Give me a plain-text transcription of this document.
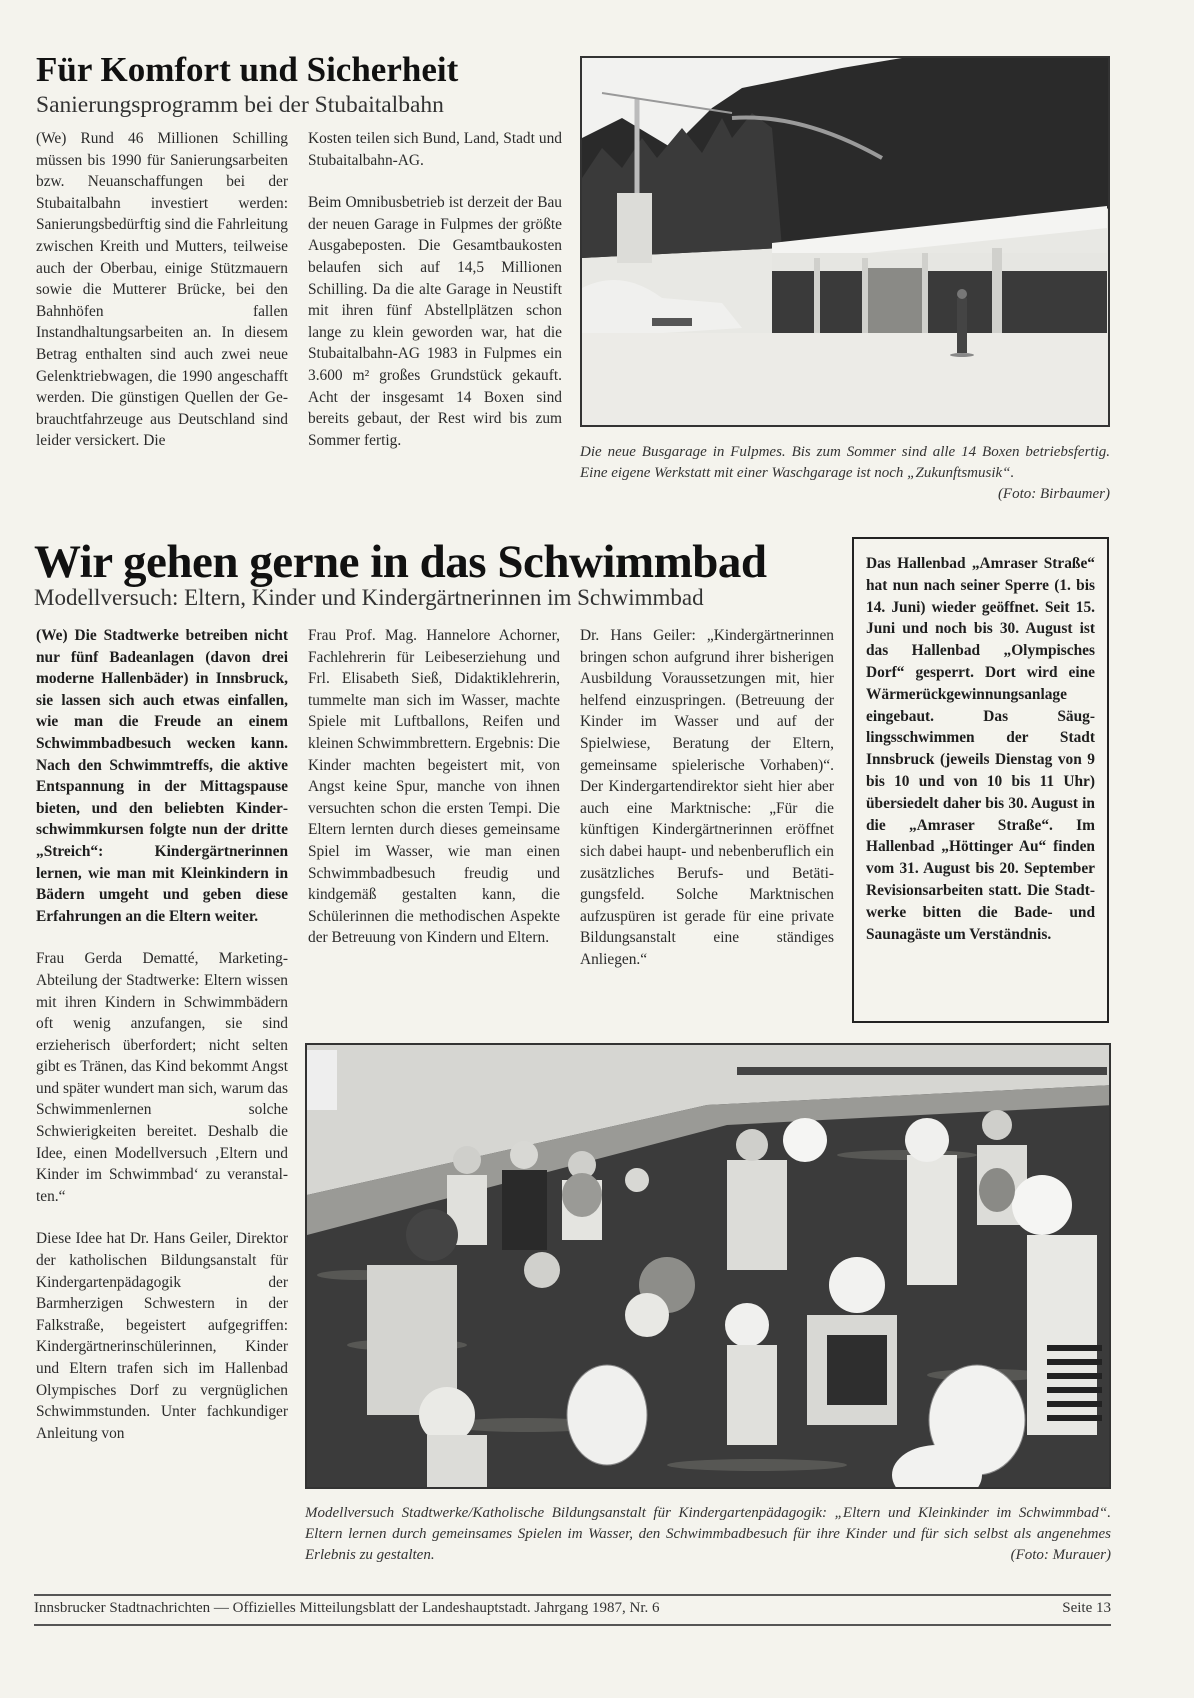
Für Komfort und Sicherheit
Sanierungsprogramm bei der Stubaitalbahn

(We) Rund 46 Millionen Schilling müssen bis 1990 für Sanierungsarbeiten bzw. Neuanschaffungen bei der Stubaitalbahn investiert werden: Sanierungsbedürftig sind die Fahrleitung zwischen Kreith und Mutters, teilweise auch der Oberbau, einige Stützmauern sowie die Mutterer Brücke, bei den Bahnhöfen fallen Instandhaltungsarbeiten an. In diesem Betrag enthalten sind auch zwei neue Gelenktriebwagen, die 1990 angeschafft werden. Die günstigen Quellen der Gebrauchtfahrzeuge aus Deutschland sind leider versickert. Die

Kosten teilen sich Bund, Land, Stadt und Stubaitalbahn-AG.

Beim Omnibusbetrieb ist derzeit der Bau der neuen Garage in Fulpmes der größte Ausgabeposten. Die Gesamtbaukosten belaufen sich auf 14,5 Millionen Schilling. Da die alte Garage in Neustift mit ihren fünf Abstellplätzen schon lange zu klein geworden war, hat die Stubaitalbahn-AG 1983 in Fulpmes ein 3.600 m² großes Grundstück gekauft. Acht der insgesamt 14 Boxen sind bereits gebaut, der Rest wird bis zum Sommer fertig.

Die neue Busgarage in Fulpmes. Bis zum Sommer sind alle 14 Boxen betriebsfertig. Eine eigene Werkstatt mit einer Waschgarage ist noch „Zukunftsmusik“.
(Foto: Birbaumer)
Wir gehen gerne in das Schwimmbad
Modellversuch: Eltern, Kinder und Kindergärtnerinnen im Schwimmbad

(We) Die Stadtwerke betreiben nicht nur fünf Badeanlagen (davon drei moderne Hallenbäder) in Innsbruck, sie lassen sich auch etwas einfallen, wie man die Freude an einem Schwimmbadbesuch wecken kann. Nach den Schwimmtreffs, die aktive Entspannung in der Mittagspause bieten, und den beliebten Kinderschwimmkursen folgte nun der dritte „Streich“: Kindergärtnerinnen lernen, wie man mit Kleinkindern in Bädern umgeht und geben diese Erfahrungen an die Eltern weiter.

Frau Gerda Dematté, Marketing-Abteilung der Stadtwerke: Eltern wissen mit ihren Kindern in Schwimmbädern oft wenig anzufangen, sie sind erzieherisch überfordert; nicht selten gibt es Tränen, das Kind bekommt Angst und später wundert man sich, warum das Schwimmenlernen solche Schwierigkeiten bereitet. Deshalb die Idee, einen Modellversuch ‚Eltern und Kinder im Schwimmbad‘ zu veranstalten.“

Diese Idee hat Dr. Hans Geiler, Direktor der katholischen Bildungsanstalt für Kindergartenpädagogik der Barmherzigen Schwestern in der Falkstraße, begeistert aufgegriffen: Kindergärtnerinschülerinnen, Kinder und Eltern trafen sich im Hallenbad Olympisches Dorf zu vergnüglichen Schwimmstunden. Unter fachkundiger Anleitung von

Frau Prof. Mag. Hannelore Achorner, Fachlehrerin für Leibeserziehung und Frl. Elisabeth Sieß, Didaktiklehrerin, tummelte man sich im Wasser, machte Spiele mit Luftballons, Reifen und kleinen Schwimmbrettern. Ergebnis: Die Kinder machten begeistert mit, von Angst keine Spur, manche von ihnen versuchten schon die ersten Tempi. Die Eltern lernten durch dieses gemeinsame Spiel im Wasser, wie man einen Schwimmbadbesuch freudig und kindgemäß gestalten kann, die Schülerinnen die methodischen Aspekte der Betreuung von Kindern und Eltern.

Dr. Hans Geiler: „Kindergärtnerinnen bringen schon aufgrund ihrer bisherigen Ausbildung Voraussetzungen mit, hier helfend einzuspringen. (Betreuung der Kinder im Wasser und auf der Spielwiese, Beratung der Eltern, gemeinsame spielerische Vorhaben)“. Der Kindergartendirektor sieht hier aber auch eine Marktnische: „Für die künftigen Kindergärtnerinnen eröffnet sich dabei haupt- und nebenberuflich ein zusätzliches Berufs- und Betätigungsfeld. Solche Marktnischen aufzuspüren ist gerade für eine private Bildungsanstalt eine ständiges Anliegen.“

Das Hallenbad „Amraser Straße“ hat nun nach seiner Sperre (1. bis 14. Juni) wieder geöffnet. Seit 15. Juni und noch bis 30. August ist das Hallenbad „Olympisches Dorf“ gesperrt. Dort wird eine Wärmerückgewinnungsanlage eingebaut. Das Säuglingsschwimmen der Stadt Innsbruck (jeweils Dienstag von 9 bis 10 und von 10 bis 11 Uhr) übersiedelt daher bis 30. August in die „Amraser Straße“. Im Hallenbad „Höttinger Au“ finden vom 31. August bis 20. September Revisionsarbeiten statt. Die Stadtwerke bitten die Bade- und Saunagäste um Verständnis.
Modellversuch Stadtwerke/Katholische Bildungsanstalt für Kindergartenpädagogik: „Eltern und Kleinkinder im Schwimmbad“. Eltern lernen durch gemeinsames Spielen im Wasser, den Schwimmbadbesuch für ihre Kinder und für sich selbst als angenehmes Erlebnis zu gestalten.	(Foto: Murauer)
Innsbrucker Stadtnachrichten — Offizielles Mitteilungsblatt der Landeshauptstadt. Jahrgang 1987, Nr. 6	Seite 13
